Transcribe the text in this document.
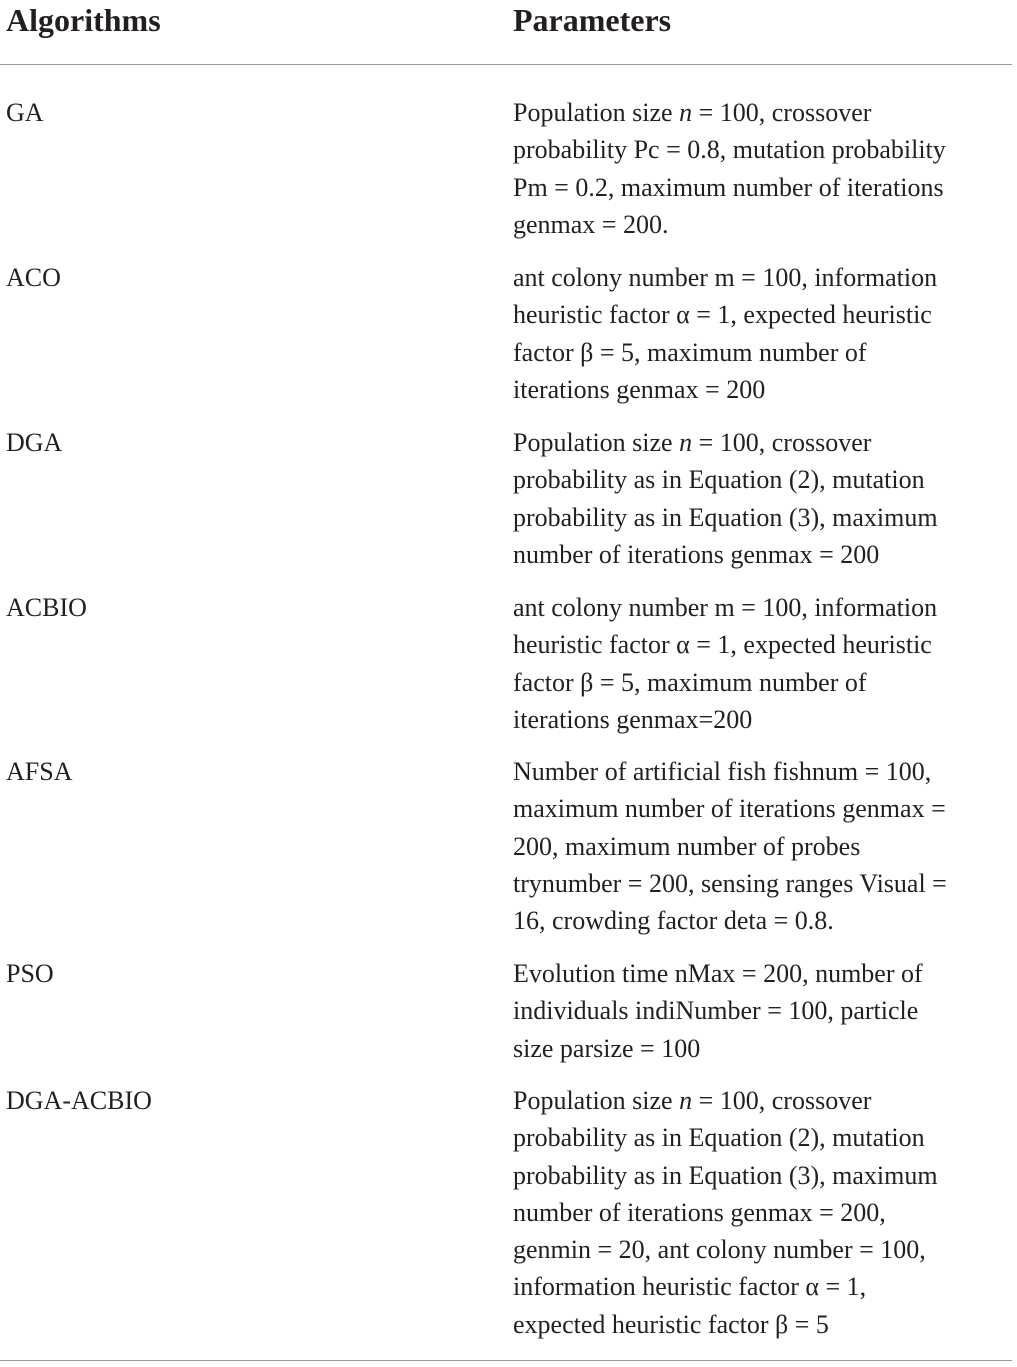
Algorithms	Parameters
GA	Population size n = 100, crossover
probability Pc = 0.8, mutation probability
Pm = 0.2, maximum number of iterations
genmax = 200.
ACO	ant colony number m = 100, information
heuristic factor α = 1, expected heuristic
factor β = 5, maximum number of
iterations genmax = 200
DGA	Population size n = 100, crossover
probability as in Equation (2), mutation
probability as in Equation (3), maximum
number of iterations genmax = 200
ACBIO	ant colony number m = 100, information
heuristic factor α = 1, expected heuristic
factor β = 5, maximum number of
iterations genmax=200
AFSA	Number of artificial fish fishnum = 100,
maximum number of iterations genmax =
200, maximum number of probes
trynumber = 200, sensing ranges Visual =
16, crowding factor deta = 0.8.
PSO	Evolution time nMax = 200, number of
individuals indiNumber = 100, particle
size parsize = 100
DGA-ACBIO	Population size n = 100, crossover
probability as in Equation (2), mutation
probability as in Equation (3), maximum
number of iterations genmax = 200,
genmin = 20, ant colony number = 100,
information heuristic factor α = 1,
expected heuristic factor β = 5
